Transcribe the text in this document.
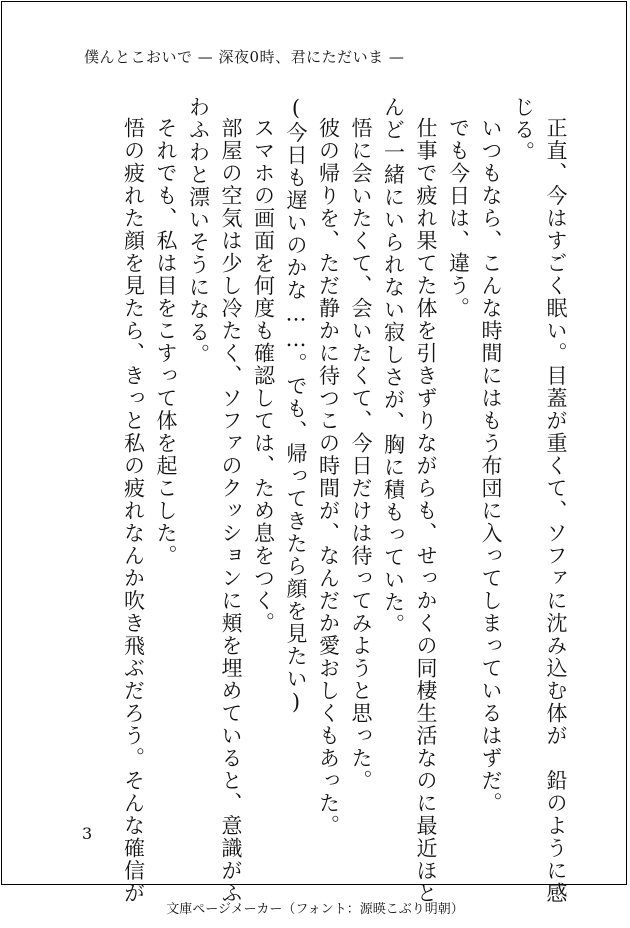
僕んとこおいで — 深夜0時、君にただいま —

正直、今はすごく眠い。目蓋が重くて、ソファに沈み込む体が　鉛のように感

じる。

いつもなら、こんな時間にはもう布団に入ってしまっているはずだ。

でも今日は、違う。

仕事で疲れ果てた体を引きずりながらも、せっかくの同棲生活なのに最近ほと

んど一緒にいられない寂しさが、胸に積もっていた。

悟に会いたくて、会いたくて、今日だけは待ってみようと思った。

彼の帰りを、ただ静かに待つこの時間が、なんだか愛おしくもあった。

(今日も遅いのかな……。でも、帰ってきたら顔を見たい)

スマホの画面を何度も確認しては、ため息をつく。

部屋の空気は少し冷たく、ソファのクッションに頬を埋めていると、意識がふ

わふわと漂いそうになる。

それでも、私は目をこすって体を起こした。

悟の疲れた顔を見たら、きっと私の疲れなんか吹き飛ぶだろう。そんな確信が

3
文庫ページメーカー（フォント：源暎こぶり明朝）
